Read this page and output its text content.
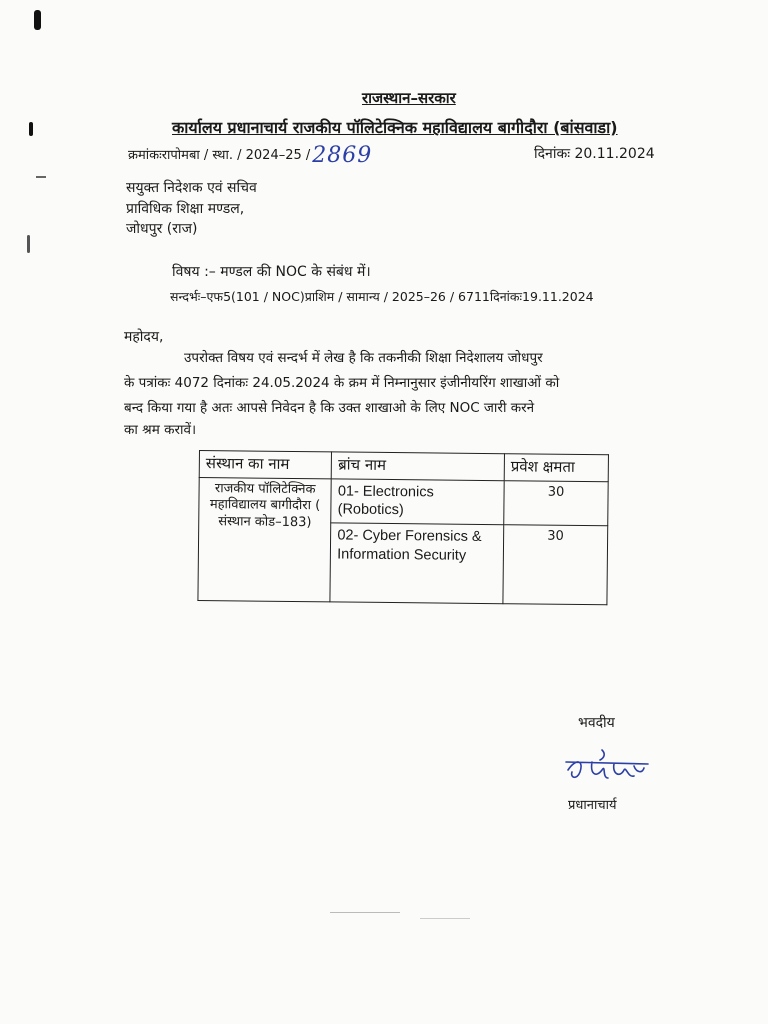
राजस्थान–सरकार
कार्यालय प्रधानाचार्य राजकीय पॉलिटेक्निक महाविद्यालय बागीदौरा (बांसवाडा)
क्रमांकःरापोमबा / स्था. / 2024–25 /2869	दिनांकः 20.11.2024
सयुक्त निदेशक एवं सचिव
प्राविधिक शिक्षा मण्डल,
जोधपुर (राज)
विषय :– मण्डल की NOC के संबंध में।
सन्दर्भः–एफ5(101 / NOC)प्राशिम / सामान्य / 2025–26 / 6711दिनांकः19.11.2024
महोदय,
उपरोक्त विषय एवं सन्दर्भ में लेख है कि तकनीकी शिक्षा निदेशालय जोधपुर
के पत्रांकः 4072 दिनांकः 24.05.2024 के क्रम में निम्नानुसार इंजीनीयरिंग शाखाओं को
बन्द किया गया है अतः आपसे निवेदन है कि उक्त शाखाओ के लिए NOC जारी करने
का श्रम करावें।
संस्थान का नाम	ब्रांच नाम	प्रवेश क्षमता
राजकीय पॉलिटेक्निक महाविद्यालय बागीदौरा ( संस्थान कोड–183)	01- Electronics (Robotics)	30
	02- Cyber Forensics & Information Security	30
भवदीय
प्रधानाचार्य
